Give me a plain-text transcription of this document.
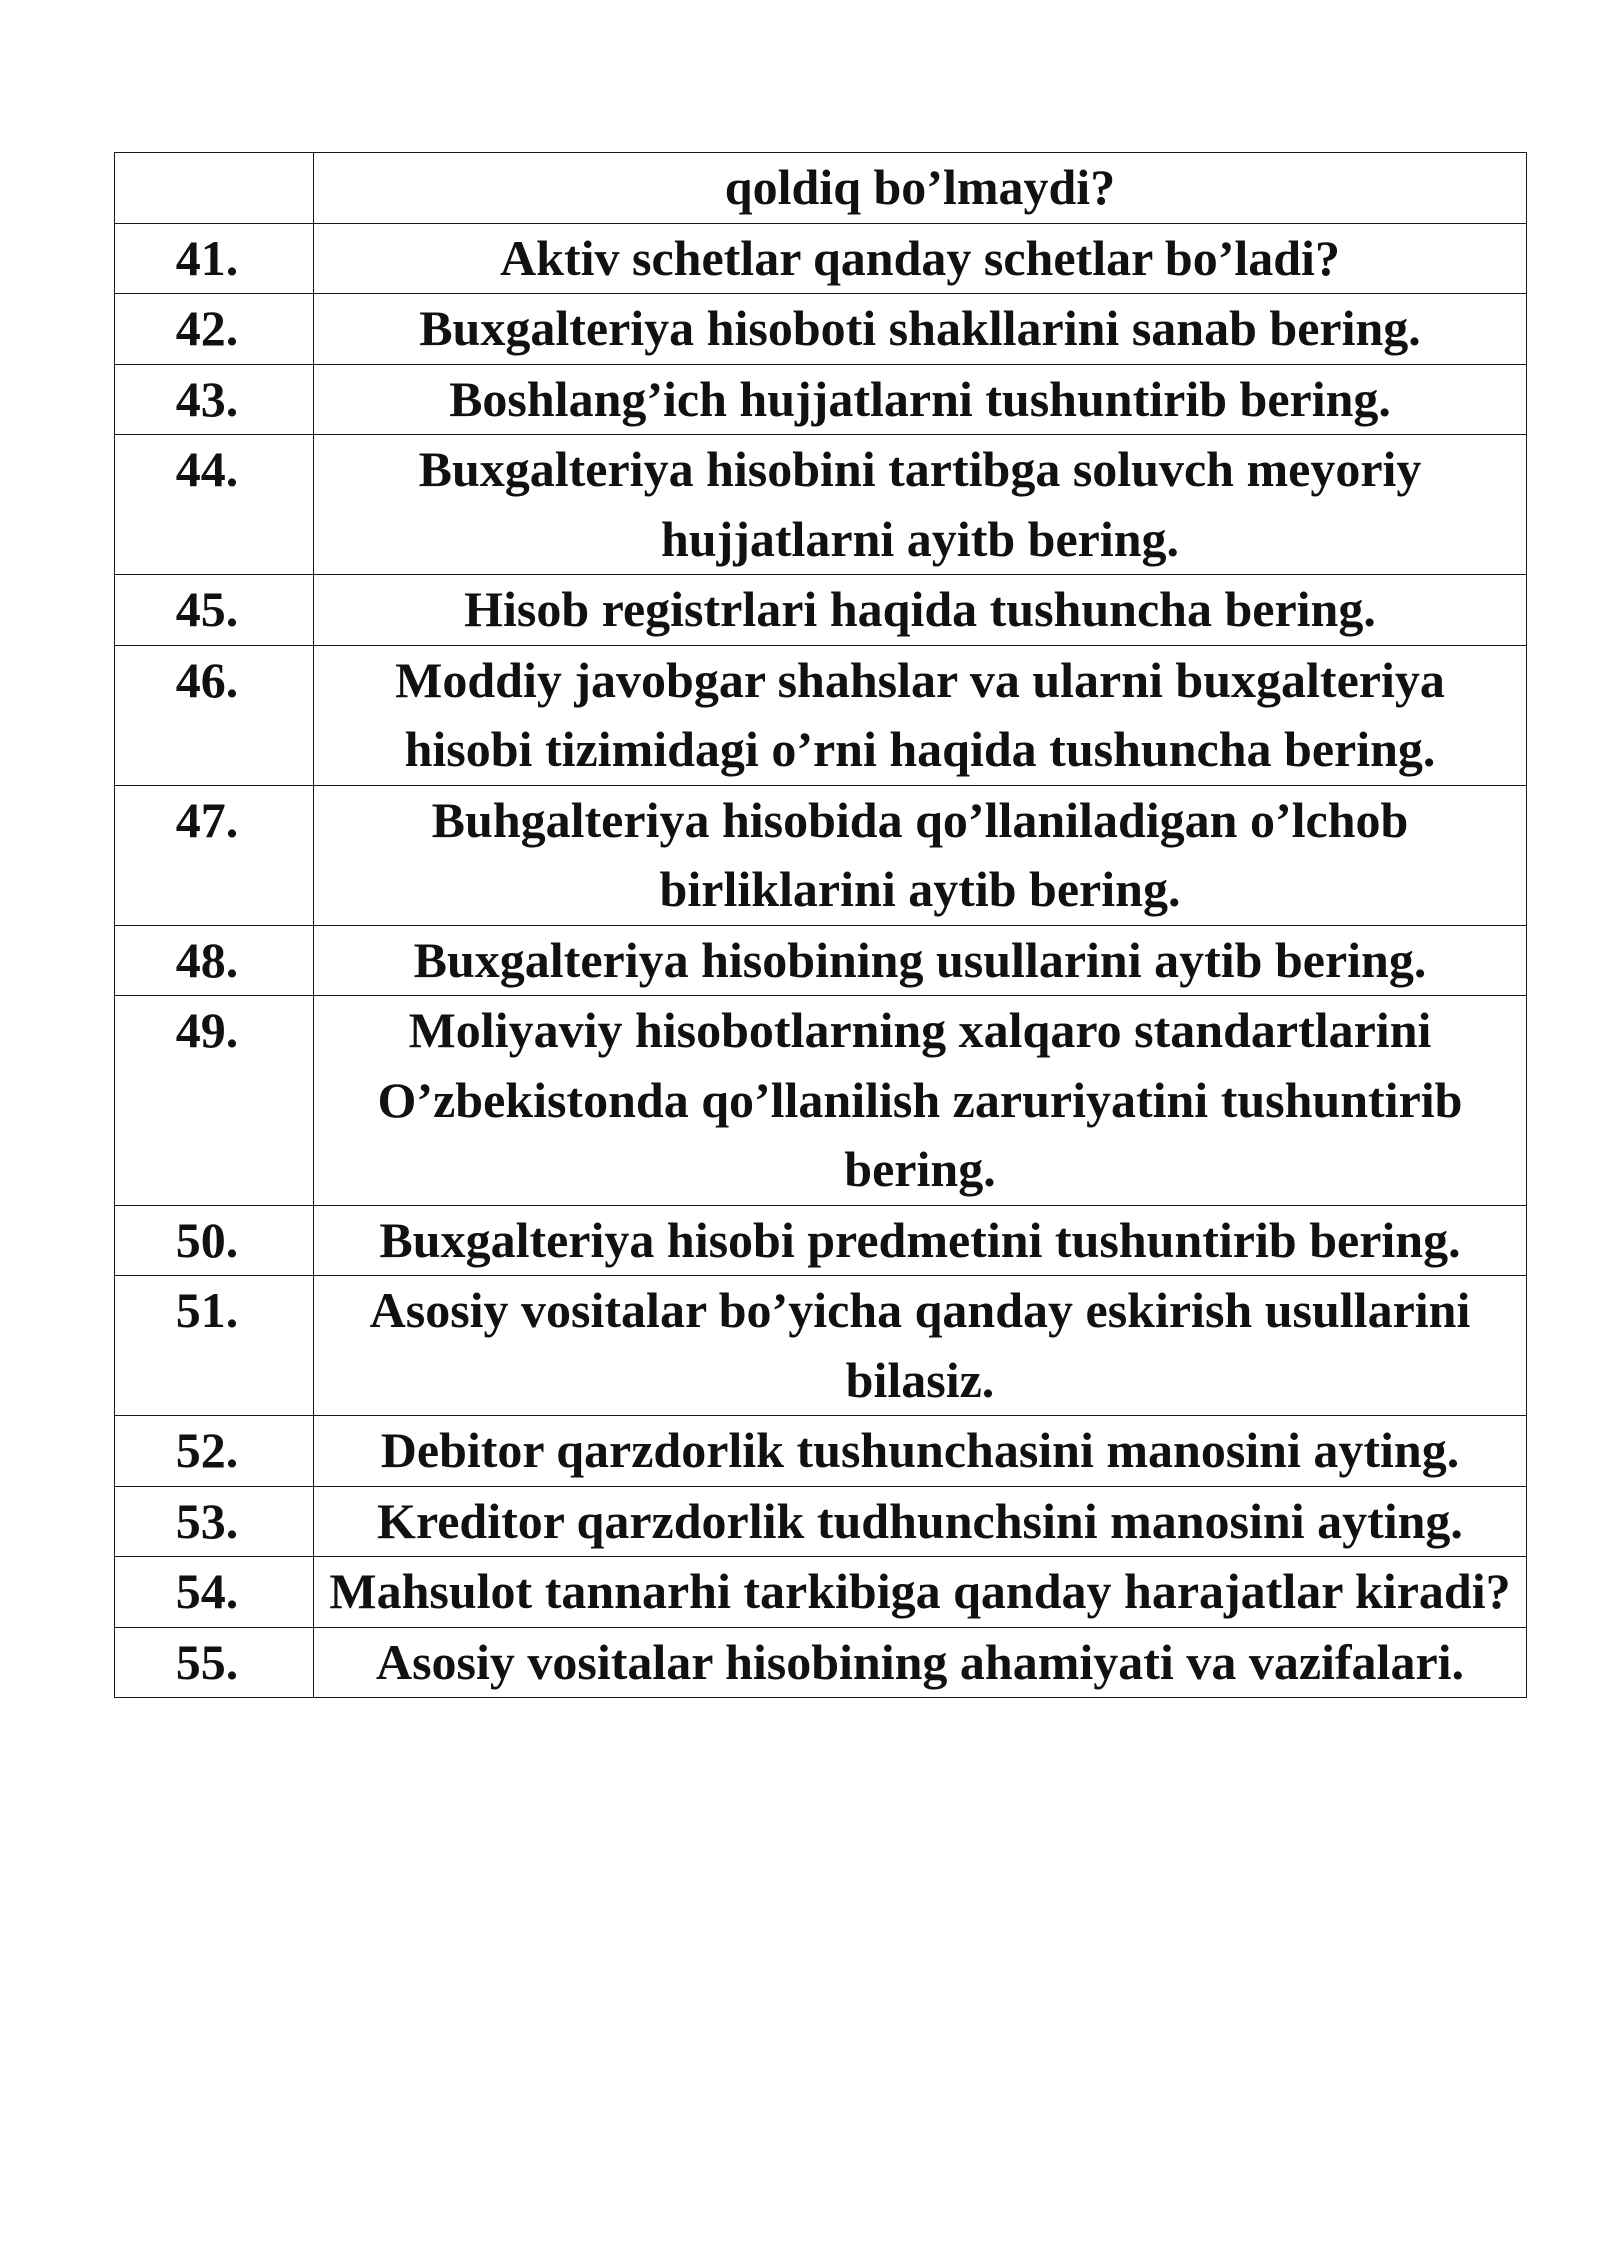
	qoldiq bo’lmaydi?
41.	Aktiv schetlar qanday schetlar bo’ladi?
42.	Buxgalteriya hisoboti shakllarini sanab bering.
43.	Boshlang’ich hujjatlarni tushuntirib bering.
44.	Buxgalteriya hisobini tartibga soluvch meyoriy hujjatlarni ayitb bering.
45.	Hisob registrlari haqida tushuncha bering.
46.	Moddiy javobgar shahslar va ularni buxgalteriya hisobi tizimidagi o’rni haqida tushuncha bering.
47.	Buhgalteriya hisobida qo’llaniladigan o’lchob birliklarini aytib bering.
48.	Buxgalteriya hisobining usullarini aytib bering.
49.	Moliyaviy hisobotlarning xalqaro standartlarini O’zbekistonda qo’llanilish zaruriyatini tushuntirib bering.
50.	Buxgalteriya hisobi predmetini tushuntirib bering.
51.	Asosiy vositalar bo’yicha qanday eskirish usullarini bilasiz.
52.	Debitor qarzdorlik tushunchasini manosini ayting.
53.	Kreditor qarzdorlik tudhunchsini manosini ayting.
54.	Mahsulot tannarhi tarkibiga qanday harajatlar kiradi?
55.	Asosiy vositalar hisobining ahamiyati va vazifalari.
